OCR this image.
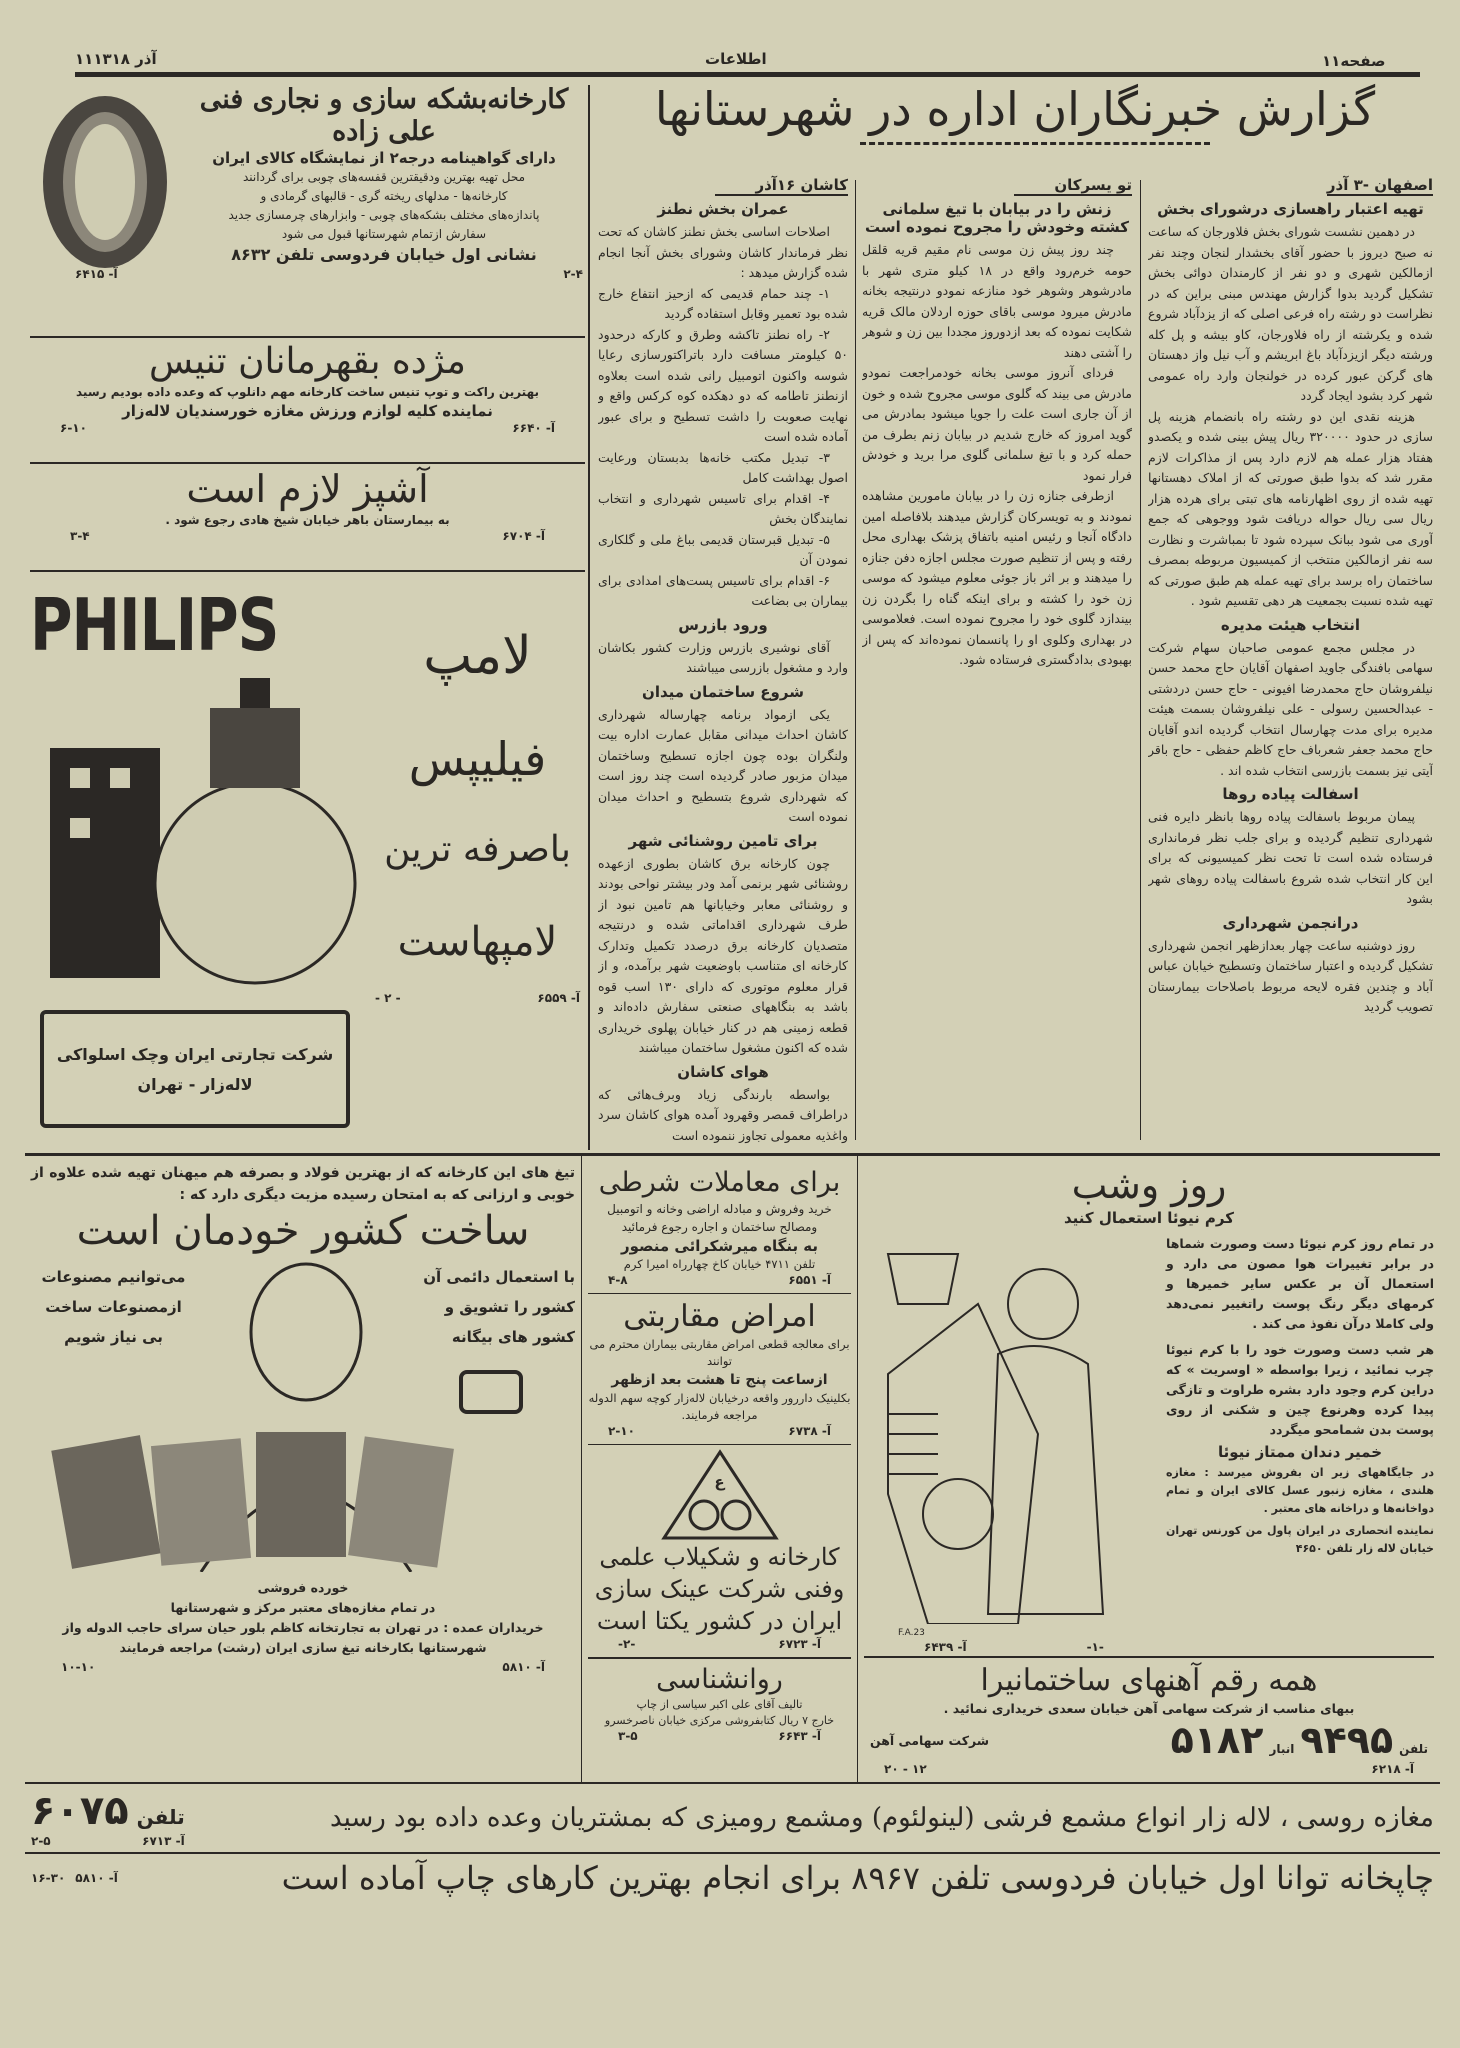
صفحه۱۱
اطلاعات
۱۱آذر ۱۳۱۸
گزارش خبرنگاران اداره در شهرستانها
اصفهان -۳ آذر
تهیه اعتبار راهسازی درشورای بخش

در دهمین نشست شورای بخش فلاورجان که ساعت نه صبح دیروز با حضور آقای بخشدار لنجان وچند نفر ازمالکین شهری و دو نفر از کارمندان دوائی بخش تشکیل گردید بدوا گزارش مهندس مبنی براین که در نظراست دو رشته راه فرعی اصلی که از یزدآباد شروع شده و یکرشته از راه فلاورجان، کاو بیشه و پل کله ورشته دیگر ازیزدآباد باغ ابریشم و آب نیل واز دهستان های گرکن عبور کرده در خولنجان وارد راه عمومی شهر کرد بشود ایجاد گردد

هزینه نقدی این دو رشته راه بانضمام هزینه پل سازی در حدود ۳۲۰۰۰۰ ریال پیش بینی شده و یکصدو هفتاد هزار عمله هم لازم دارد پس از مذاکرات لازم مقرر شد که بدوا طبق صورتی که از املاک دهستانها تهیه شده از روی اظهارنامه های تبتی برای هرده هزار ریال سی ریال حواله دریافت شود ووجوهی که جمع آوری می شود ببانک سپرده شود تا بمباشرت و نظارت سه نفر ازمالکین منتخب از کمیسیون مربوطه بمصرف ساختمان راه برسد برای تهیه عمله هم طبق صورتی که تهیه شده نسبت بجمعیت هر دهی تقسیم شود .

انتخاب هیئت مدیره

در مجلس مجمع عمومی صاحبان سهام شرکت سهامی بافندگی جاوید اصفهان آقایان حاج محمد حسن نیلفروشان حاج محمدرضا افیونی - حاج حسن دردشتی - عبدالحسین رسولی - علی نیلفروشان بسمت هیئت مدیره برای مدت چهارسال انتخاب گردیده اندو آقایان حاج محمد جعفر شعرباف حاج کاظم حفظی - حاج باقر آیتی نیز بسمت بازرسی انتخاب شده اند .

اسفالت پیاده روها

پیمان مربوط باسفالت پیاده روها بانظر دایره فنی شهرداری تنظیم گردیده و برای جلب نظر فرمانداری فرستاده شده است تا تحت نظر کمیسیونی که برای این کار انتخاب شده شروع باسفالت پیاده روهای شهر بشود

درانجمن شهرداری

روز دوشنبه ساعت چهار بعدازظهر انجمن شهرداری تشکیل گردیده و اعتبار ساختمان وتسطیح خیابان عباس آباد و چندین فقره لایحه مربوط باصلاحات بیمارستان تصویب گردید

تو یسرکان
زنش را در بیابان با تیغ سلمانی کشته وخودش را مجروح نموده است

چند روز پیش زن موسی نام مقیم قریه قلقل حومه خرم‌رود واقع در ۱۸ کیلو متری شهر با مادرشوهر وشوهر خود منازعه نمودو درنتیجه بخانه مادرش میرود موسی باقای حوزه اردلان مالک قریه شکایت نموده که بعد ازدوروز مجددا بین زن و شوهر را آشتی دهند

فردای آنروز موسی بخانه خودمراجعت نمودو مادرش می بیند که گلوی موسی مجروح شده و خون از آن جاری است علت را جویا میشود بمادرش می گوید امروز که خارج شدیم در بیابان زنم بطرف من حمله کرد و با تیغ سلمانی گلوی مرا برید و خودش فرار نمود

ازطرفی جنازه زن را در بیابان مامورین مشاهده نمودند و به تویسرکان گزارش میدهند بلافاصله امین دادگاه آنجا و رئیس امنیه باتفاق پزشک بهداری محل رفته و پس از تنظیم صورت مجلس اجازه دفن جنازه را میدهند و بر اثر باز جوئی معلوم میشود که موسی زن خود را کشته و برای اینکه گناه را بگردن زن بیندازد گلوی خود را مجروح نموده است. فعلاموسی در بهداری وکلوی او را پانسمان نموده‌اند که پس از بهبودی بدادگستری فرستاده شود.

کاشان ۱۶آذر
عمران بخش نطنز

اصلاحات اساسی بخش نطنز کاشان که تحت نظر فرماندار کاشان وشورای بخش آنجا انجام شده گزارش میدهد :

۱- چند حمام قدیمی که ازحیز انتفاع خارج شده بود تعمیر وقابل استفاده گردید

۲- راه نطنز تاکشه وطرق و کارکه درحدود ۵۰ کیلومتر مسافت دارد باتراکتورسازی رعایا شوسه واکنون اتومبیل رانی شده است بعلاوه ازنطنز تاطامه که دو دهکده کوه کرکس واقع و نهایت صعوبت را داشت تسطیح و برای عبور آماده شده است

۳- تبدیل مکتب خانه‌ها بدبستان ورعایت اصول بهداشت کامل

۴- اقدام برای تاسیس شهرداری و انتخاب نمایندگان بخش

۵- تبدیل قبرستان قدیمی بباغ ملی و گلکاری نمودن آن

۶- اقدام برای تاسیس پست‌های امدادی برای بیماران بی بضاعت

ورود بازرس

آقای نوشیری بازرس وزارت کشور بکاشان وارد و مشغول بازرسی میباشند

شروع ساختمان میدان

یکی ازمواد برنامه چهارساله شهرداری کاشان احداث میدانی مقابل عمارت اداره بیت ولنگران بوده چون اجازه تسطیح وساختمان میدان مزبور صادر گردیده است چند روز است که شهرداری شروع بتسطیح و احداث میدان نموده است

برای تامین روشنائی شهر

چون کارخانه برق کاشان بطوری ازعهده روشنائی شهر برنمی آمد ودر بیشتر نواحی بودند و روشنائی معابر وخیابانها هم تامین نبود از طرف شهرداری اقداماتی شده و درنتیجه متصدیان کارخانه برق درصدد تکمیل وتدارک کارخانه ای متناسب باوضعیت شهر برآمده، و از قرار معلوم موتوری که دارای ۱۳۰ اسب قوه باشد به بنگاههای صنعتی سفارش داده‌اند و قطعه زمینی هم در کنار خیابان پهلوی خریداری شده که اکنون مشغول ساختمان میباشند

هوای کاشان

بواسطه بارندگی زیاد وبرف‌هائی که دراطراف قمصر وقهرود آمده هوای کاشان سرد واغذیه معمولی تجاوز ننموده است

کارخانه‌بشکه سازی و نجاری فنی
علی زاده
دارای گواهینامه درجه۲ از نمایشگاه کالای ایران
محل تهیه بهترین ودقیقترین قفسه‌های چوبی برای گردانند
کارخانه‌ها - مدلهای ریخته گری - قالبهای گرمادی و
پاندازه‌های مختلف بشکه‌های چوبی - وابزارهای چرمسازی جدید
سفارش ازتمام شهرستانها قبول می شود
نشانی اول خیابان فردوسی تلفن ۸۶۳۲
آ- ۶۴۱۵	۲-۴
مژده بقهرمانان تنیس
بهترین راکت و توپ تنیس ساخت کارخانه مهم دانلوپ که وعده داده بودیم رسید
نماینده کلیه لوازم ورزش مغازه خورسندیان لاله‌زار
آ- ۶۶۴۰
۶-۱۰
آشپز لازم است
به بیمارستان باهر خیابان شیخ هادی رجوع شود .
آ- ۶۷۰۴
۳-۴
PHILIPS	لامپ
فیلیپس
باصرفه ترین
لامپهاست
آ- ۶۵۵۹
- ۲ -
شرکت تجارتی ایران وچک اسلواکی
لاله‌زار - تهران
روز وشب
کرم نیوئا استعمال کنید

در تمام روز کرم نیوئا دست وصورت شماها در برابر تغییرات هوا مصون می دارد و استعمال آن بر عکس سایر خمیرها و کرمهای دیگر رنگ پوست راتغییر نمی‌دهد ولی کاملا درآن نفوذ می کند .

هر شب دست وصورت خود را با کرم نیوئا چرب نمائید ، زیرا بواسطه « اوسریت » که دراین کرم وجود دارد بشره طراوت و تازگی پیدا کرده وهرنوع چین و شکنی از روی پوست بدن شمامحو میگردد

خمیر دندان ممتاز نیوئا

در جایگاههای زیر ان بفروش میرسد : مغازه هلندی ، مغازه زنبور عسل کالای ایران و تمام دواخانه‌ها و دراخانه های معتبر .

نماینده انحصاری در ایران پاول من کورنس تهران خیابان لاله زار تلفن ۴۶۵۰

F.A.23
آ- ۶۴۳۹	-۱-
همه رقم آهنهای ساختمانیرا
ببهای مناسب از شرکت سهامی آهن خیابان سعدی خریداری نمائید .
تلفن
۹۴۹۵
انبار
۵۱۸۲
شرکت سهامی آهن
آ- ۶۲۱۸
۱۲ - ۲۰
برای معاملات شرطی
خرید وفروش و مبادله اراضی وخانه و اتومبیل ومصالح ساختمان و اجاره رجوع فرمائید
به بنگاه میرشکرائی منصور
تلفن ۴۷۱۱ خیابان کاخ چهارراه امیرا کرم
آ- ۶۵۵۱
۴-۸
امراض مقاربتی
برای معالجه قطعی امراض مقاربتی بیماران محترم می توانند
ازساعت پنج تا هشت بعد ازظهر
بکلینیک داررور واقعه درخیابان لاله‌زار کوچه سهم الدوله مراجعه فرمایند.
آ- ۶۷۳۸
۲-۱۰
ع
کارخانه و شکیلاب علمی
وفنی شرکت عینک سازی
ایران در کشور یکتا است
آ- ۶۷۲۳
-۲-
روانشناسی
تالیف آقای علی اکبر سیاسی از چاپ
خارج ۷ ریال کتابفروشی مرکزی خیابان ناصرخسرو
آ- ۶۶۴۳
۳-۵
تیغ های این کارخانه که از بهترین فولاد و بصرفه هم میهنان تهیه شده علاوه از خوبی و ارزانی که به امتحان رسیده مزیت دیگری دارد که :
ساخت کشور خودمان است
با استعمال دائمی آن
کشور را تشویق و
کشور های بیگانه
می‌توانیم مصنوعات
ازمصنوعات ساخت
بی نیاز شویم
خورده فروشی
در تمام مغازه‌های معتبر مرکز و شهرستانها
خریداران عمده : در تهران به تجارتخانه کاظم بلور حیان سرای حاجب الدوله واز شهرستانها بکارخانه تیغ سازی ایران (رشت) مراجعه فرمایند
آ- ۵۸۱۰
۱۰-۱۰
مغازه روسی ، لاله زار انواع مشمع فرشی (لینولئوم) ومشمع رومیزی که بمشتریان وعده داده بود رسید
تلفن
۶۰۷۵
آ- ۶۷۱۳
۲-۵
چاپخانه توانا اول خیابان فردوسی تلفن ۸۹۶۷ برای انجام بهترین کارهای چاپ آماده است
آ- ۵۸۱۰
۱۶-۳۰
